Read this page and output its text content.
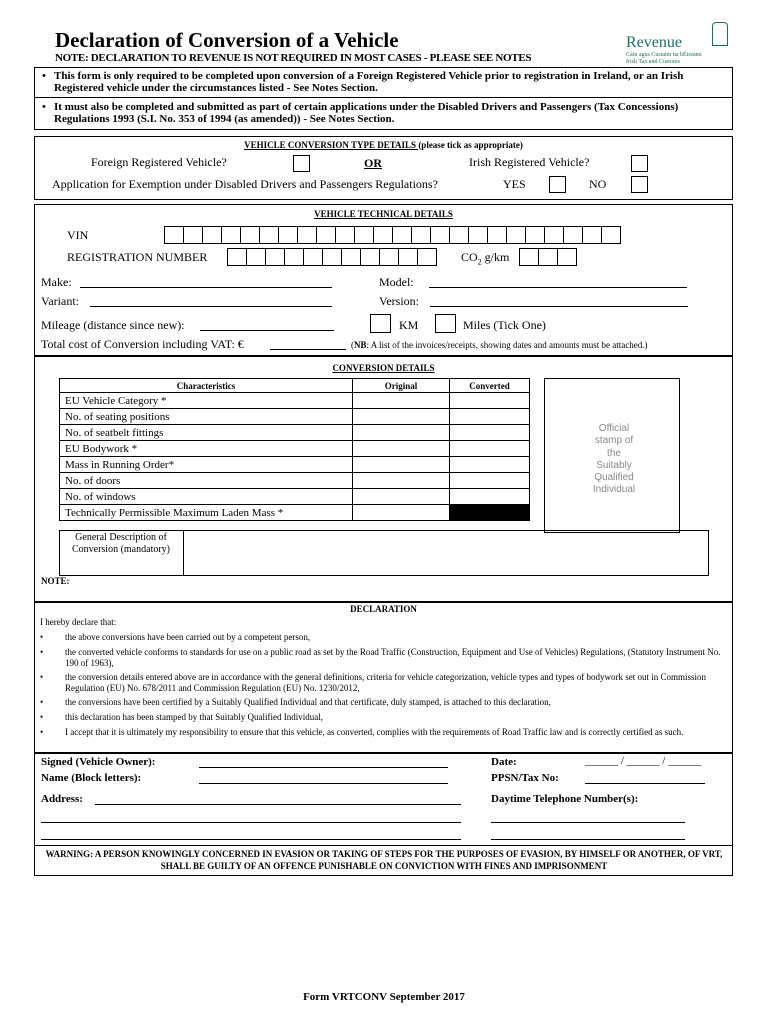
Declaration of Conversion of a Vehicle
NOTE: DECLARATION TO REVENUE IS NOT REQUIRED IN MOST CASES - PLEASE SEE NOTES
Revenue
Cáin agus Custaim na hÉireann
Irish Tax and Customs
• This form is only required to be completed upon conversion of a Foreign Registered Vehicle prior to registration in Ireland, or an Irish Registered vehicle under the circumstances listed - See Notes Section.
• It must also be completed and submitted as part of certain applications under the Disabled Drivers and Passengers (Tax Concessions) Regulations 1993 (S.I. No. 353 of 1994 (as amended)) - See Notes Section.
VEHICLE CONVERSION TYPE DETAILS (please tick as appropriate)
Foreign Registered Vehicle?	OR	Irish Registered Vehicle?
Application for Exemption under Disabled Drivers and Passengers Regulations?	YES	NO
VEHICLE TECHNICAL DETAILS
VIN
REGISTRATION NUMBER	$CO_2$ g/km
Make:	Model:
Variant:	Version:
Mileage (distance since new):	KM	Miles (Tick One)
Total cost of Conversion including VAT: €	(NB: A list of the invoices/receipts, showing dates and amounts must be attached.)
CONVERSION DETAILS
Characteristics	Original	Converted
EU Vehicle Category *		
No. of seating positions		
No. of seatbelt fittings		
EU Bodywork *		
Mass in Running Order*		
No. of doors		
No. of windows		
Technically Permissible Maximum Laden Mass *		
Official stamp of the Suitably Qualified Individual
General Description of Conversion (mandatory)
NOTE:
DECLARATION
I hereby declare that:
• the above conversions have been carried out by a competent person,
• the converted vehicle conforms to standards for use on a public road as set by the Road Traffic (Construction, Equipment and Use of Vehicles) Regulations, (Statutory Instrument No. 190 of 1963),
• the conversion details entered above are in accordance with the general definitions, criteria for vehicle categorization, vehicle types and types of bodywork set out in Commission Regulation (EU) No. 678/2011 and Commission Regulation (EU) No. 1230/2012,
• the conversions have been certified by a Suitably Qualified Individual and that certificate, duly stamped, is attached to this declaration,
• this declaration has been stamped by that Suitably Qualified Individual,
• I accept that it is ultimately my responsibility to ensure that this vehicle, as converted, complies with the requirements of Road Traffic law and is correctly certified as such.
Signed (Vehicle Owner):
Name (Block letters):
Address:
Date:	______ / ______ / ______
PPSN/Tax No:
Daytime Telephone Number(s):
WARNING: A PERSON KNOWINGLY CONCERNED IN EVASION OR TAKING OF STEPS FOR THE PURPOSES OF EVASION, BY HIMSELF OR ANOTHER, OF VRT, SHALL BE GUILTY OF AN OFFENCE PUNISHABLE ON CONVICTION WITH FINES AND IMPRISONMENT
Form VRTCONV September 2017
